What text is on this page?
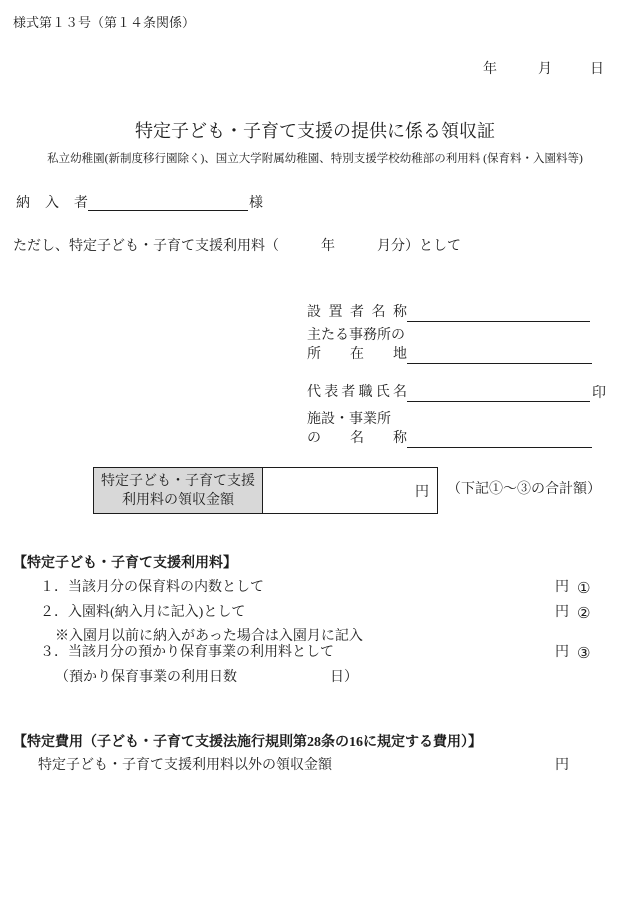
様式第１３号（第１４条関係）
年	月	日
特定子ども・子育て支援の提供に係る領収証
私立幼稚園(新制度移行園除く)、国立大学附属幼稚園、特別支援学校幼稚部の利用料 (保育料・入園料等)
納入者	様
ただし、特定子ども・子育て支援利用料（　　　年　　　月分）として
設置者名称
主たる事務所の
所在地
代表者職氏名	印
施設・事業所
の名称
特定子ども・子育て支援
利用料の領収金額
円 （下記①～③の合計額）
【特定子ども・子育て支援利用料】
１．当該月分の保育料の内数として	円 ①
２．入園料(納入月に記入)として	円 ②
※入園月以前に納入があった場合は入園月に記入
３．当該月分の預かり保育事業の利用料として	円 ③
（預かり保育事業の利用日数	日）
【特定費用（子ども・子育て支援法施行規則第28条の16に規定する費用）】
特定子ども・子育て支援利用料以外の領収金額	円
